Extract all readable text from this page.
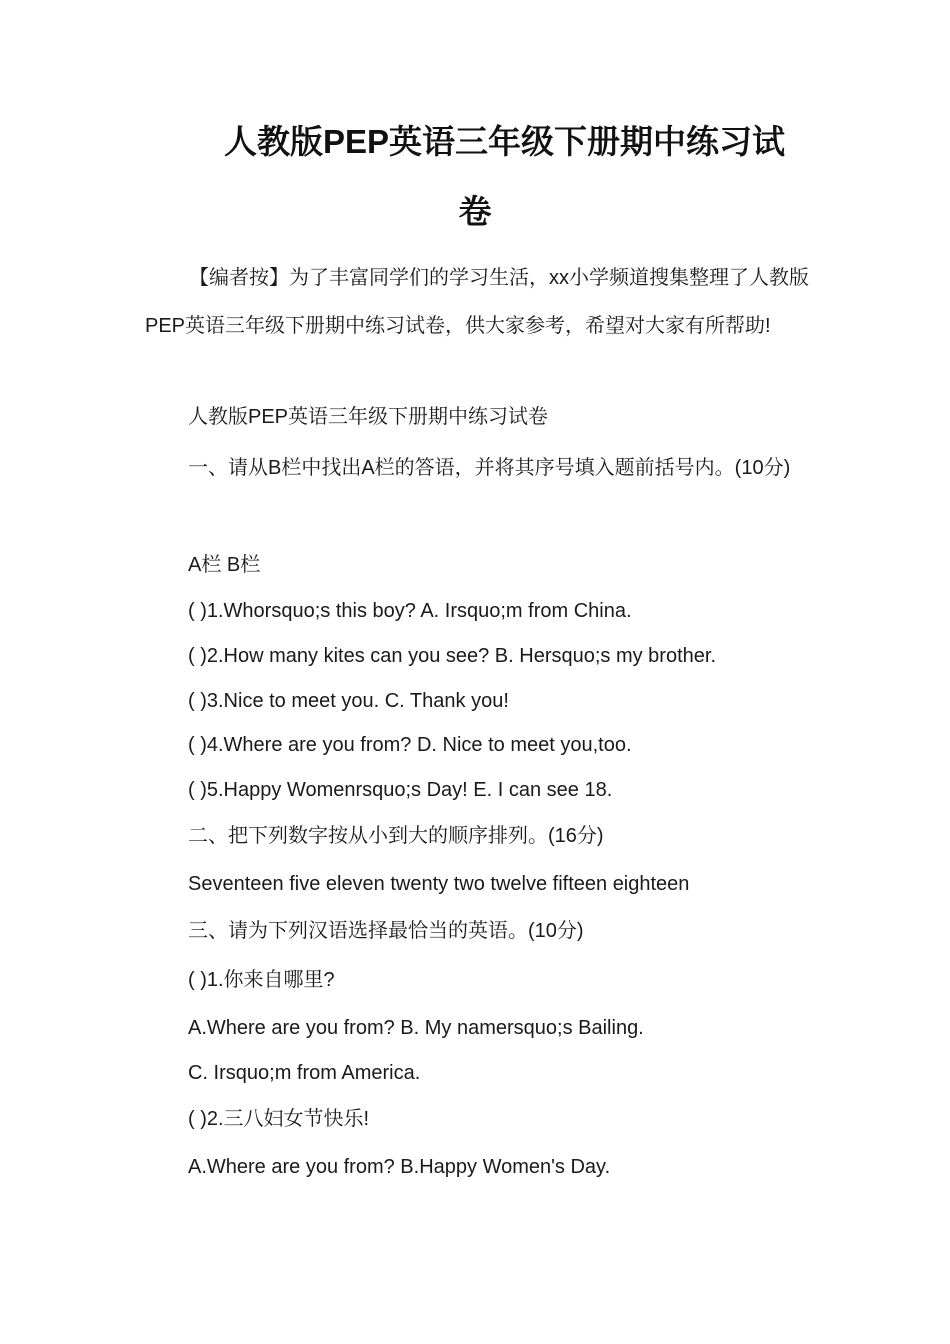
人教版PEP英语三年级下册期中练习试
卷
【编者按】为了丰富同学们的学习生活，xx小学频道搜集整理了人教版PEP英语三年级下册期中练习试卷，供大家参考，希望对大家有所帮助!
人教版PEP英语三年级下册期中练习试卷
一、请从B栏中找出A栏的答语，并将其序号填入题前括号内。(10分)
A栏 B栏
( )1.Whorsquo;s this boy? A. Irsquo;m from China.
( )2.How many kites can you see? B. Hersquo;s my brother.
( )3.Nice to meet you. C. Thank you!
( )4.Where are you from? D. Nice to meet you,too.
( )5.Happy Womenrsquo;s Day! E. I can see 18.
二、把下列数字按从小到大的顺序排列。(16分)
Seventeen five eleven twenty two twelve fifteen eighteen
三、请为下列汉语选择最恰当的英语。(10分)
( )1.你来自哪里?
A.Where are you from? B. My namersquo;s Bailing.
C. Irsquo;m from America.
( )2.三八妇女节快乐!
A.Where are you from? B.Happy Women's Day.
